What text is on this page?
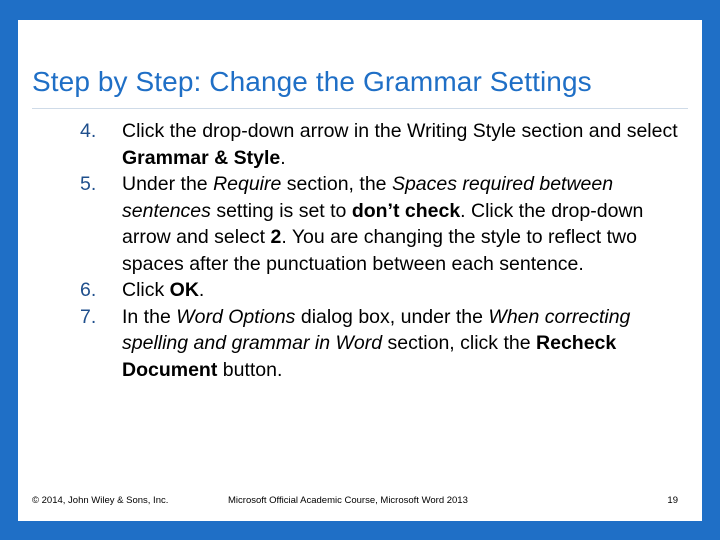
Step by Step: Change the Grammar Settings
4. Click the drop-down arrow in the Writing Style section and select Grammar & Style.
5. Under the Require section, the Spaces required between sentences setting is set to don’t check. Click the drop-down arrow and select 2. You are changing the style to reflect two spaces after the punctuation between each sentence.
6. Click OK.
7. In the Word Options dialog box, under the When correcting spelling and grammar in Word section, click the Recheck Document button.
© 2014, John Wiley & Sons, Inc.	Microsoft Official Academic Course, Microsoft Word 2013	19
